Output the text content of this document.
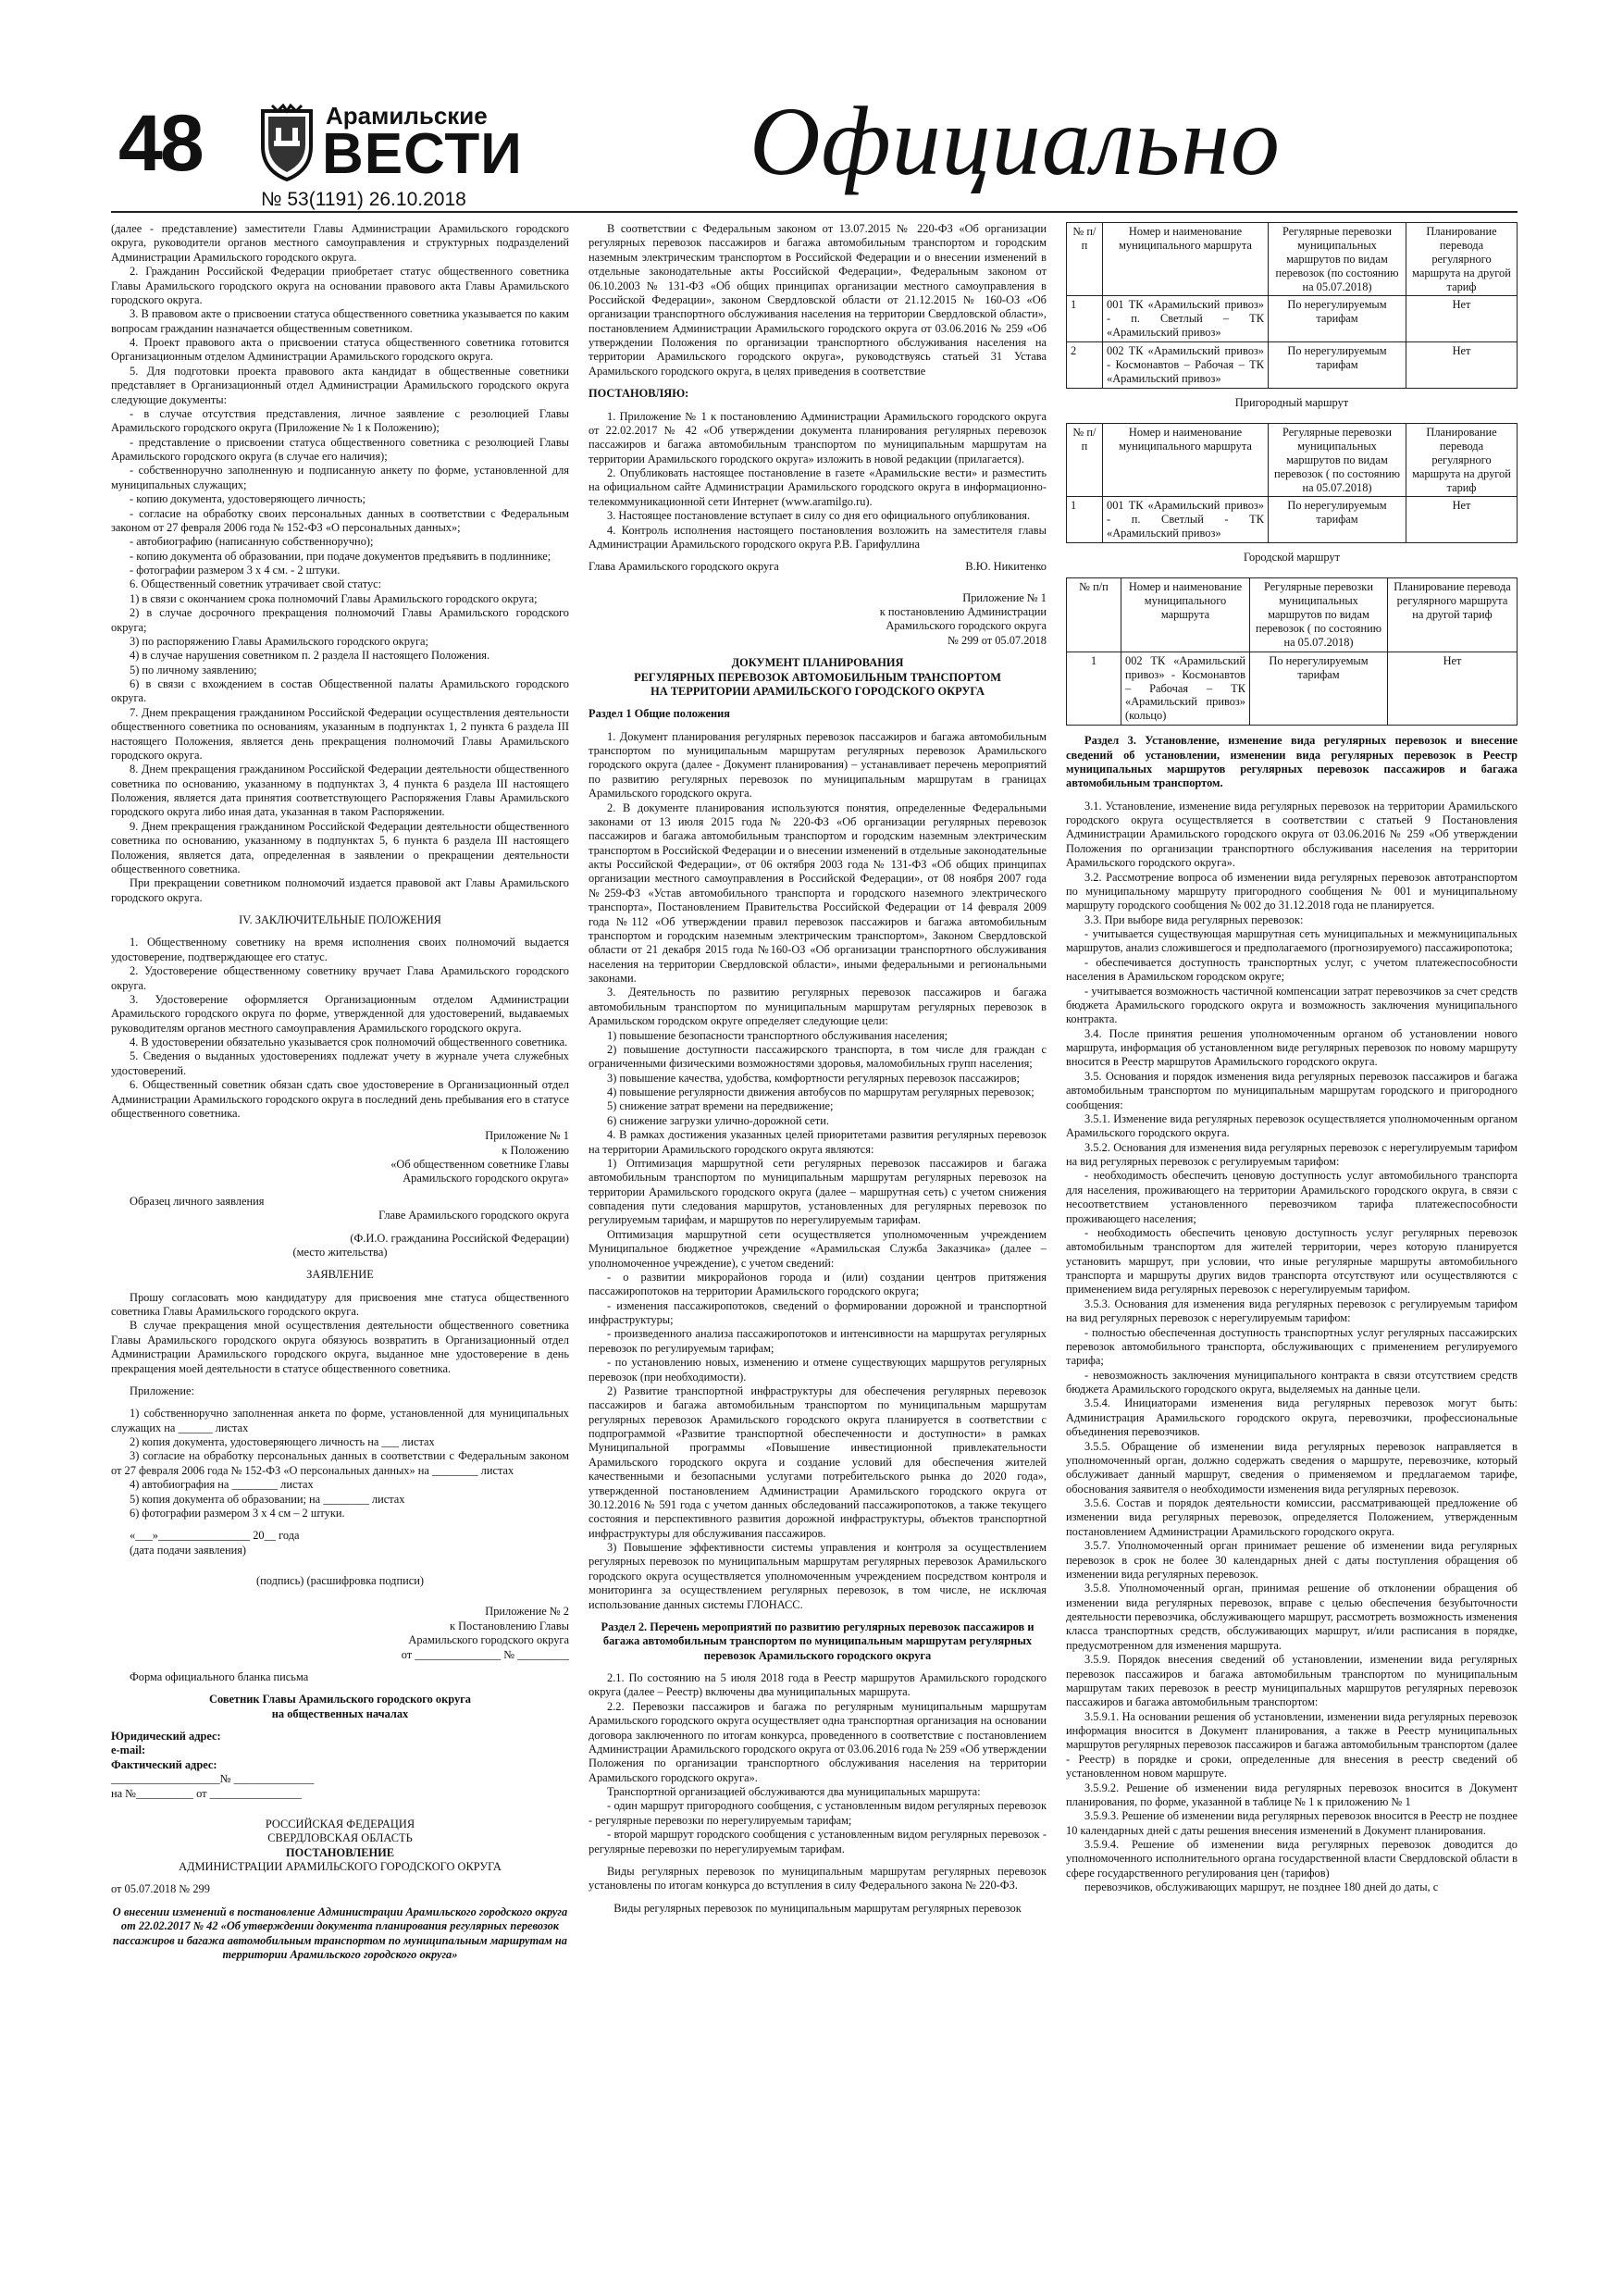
48	Арамильские
ВЕСТИ
№ 53(1191) 26.10.2018
Официально

(далее - представление) заместители Главы Администрации Арамильского городского округа, руководители органов местного самоуправления и структурных подразделений Администрации Арамильского городского округа.

2. Гражданин Российской Федерации приобретает статус общественного советника Главы Арамильского городского округа на основании правового акта Главы Арамильского городского округа.

3. В правовом акте о присвоении статуса общественного советника указывается по каким вопросам гражданин назначается общественным советником.

4. Проект правового акта о присвоении статуса общественного советника готовится Организационным отделом Администрации Арамильского городского округа.

5. Для подготовки проекта правового акта кандидат в общественные советники представляет в Организационный отдел Администрации Арамильского городского округа следующие документы:

- в случае отсутствия представления, личное заявление с резолюцией Главы Арамильского городского округа (Приложение № 1 к Положению);

- представление о присвоении статуса общественного советника с резолюцией Главы Арамильского городского округа (в случае его наличия);

- собственноручно заполненную и подписанную анкету по форме, установленной для муниципальных служащих;

- копию документа, удостоверяющего личность;

- согласие на обработку своих персональных данных в соответствии с Федеральным законом от 27 февраля 2006 года № 152-ФЗ «О персональных данных»;

- автобиографию (написанную собственноручно);

- копию документа об образовании, при подаче документов предъявить в подлиннике;

- фотографии размером 3 х 4 см. - 2 штуки.

6. Общественный советник утрачивает свой статус:

1) в связи с окончанием срока полномочий Главы Арамильского городского округа;

2) в случае досрочного прекращения полномочий Главы Арамильского городского округа;

3) по распоряжению Главы Арамильского городского округа;

4) в случае нарушения советником п. 2 раздела II настоящего Положения.

5) по личному заявлению;

6) в связи с вхождением в состав Общественной палаты Арамильского городского округа.

7. Днем прекращения гражданином Российской Федерации осуществления деятельности общественного советника по основаниям, указанным в подпунктах 1, 2 пункта 6 раздела III настоящего Положения, является день прекращения полномочий Главы Арамильского городского округа.

8. Днем прекращения гражданином Российской Федерации деятельности общественного советника по основанию, указанному в подпунктах 3, 4 пункта 6 раздела III настоящего Положения, является дата принятия соответствующего Распоряжения Главы Арамильского городского округа либо иная дата, указанная в таком Распоряжении.

9. Днем прекращения гражданином Российской Федерации деятельности общественного советника по основанию, указанному в подпунктах 5, 6 пункта 6 раздела III настоящего Положения, является дата, определенная в заявлении о прекращении деятельности общественного советника.

При прекращении советником полномочий издается правовой акт Главы Арамильского городского округа.

IV. ЗАКЛЮЧИТЕЛЬНЫЕ ПОЛОЖЕНИЯ

1. Общественному советнику на время исполнения своих полномочий выдается удостоверение, подтверждающее его статус.

2. Удостоверение общественному советнику вручает Глава Арамильского городского округа.

3. Удостоверение оформляется Организационным отделом Администрации Арамильского городского округа по форме, утвержденной для удостоверений, выдаваемых руководителям органов местного самоуправления Арамильского городского округа.

4. В удостоверении обязательно указывается срок полномочий общественного советника.

5. Сведения о выданных удостоверениях подлежат учету в журнале учета служебных удостоверений.

6. Общественный советник обязан сдать свое удостоверение в Организационный отдел Администрации Арамильского городского округа в последний день пребывания его в статусе общественного советника.

Приложение № 1

к Положению

«Об общественном советнике Главы

Арамильского городского округа»

Образец личного заявления

Главе Арамильского городского округа

(Ф.И.О. гражданина Российской Федерации)

(место жительства)

ЗАЯВЛЕНИЕ

Прошу согласовать мою кандидатуру для присвоения мне статуса общественного советника Главы Арамильского городского округа.

В случае прекращения мной осуществления деятельности общественного советника Главы Арамильского городского округа обязуюсь возвратить в Организационный отдел Администрации Арамильского городского округа, выданное мне удостоверение в день прекращения моей деятельности в статусе общественного советника.

Приложение:

1) собственноручно заполненная анкета по форме, установленной для муниципальных служащих на ______ листах

2) копия документа, удостоверяющего личность на ___ листах

3) согласие на обработку персональных данных в соответствии с Федеральным законом от 27 февраля 2006 года № 152-ФЗ «О персональных данных» на ________ листах

4) автобиография на ________ листах

5) копия документа об образовании; на ________ листах

6) фотографии размером 3 х 4 см – 2 штуки.

«___»________________ 20__ года

(дата подачи заявления)

(подпись) (расшифровка подписи)

Приложение № 2

к Постановлению Главы

Арамильского городского округа

от _______________ № _________

Форма официального бланка письма

Советник Главы Арамильского городского округа

на общественных началах

Юридический адрес:

e-mail:

Фактический адрес:

___________________№ ______________

на №__________ от ________________

РОССИЙСКАЯ ФЕДЕРАЦИЯ

СВЕРДЛОВСКАЯ ОБЛАСТЬ

ПОСТАНОВЛЕНИЕ

АДМИНИСТРАЦИИ АРАМИЛЬСКОГО ГОРОДСКОГО ОКРУГА

от 05.07.2018 № 299

О внесении изменений в постановление Администрации Арамильского городского округа от 22.02.2017 № 42 «Об утверждении документа планирования регулярных перевозок пассажиров и багажа автомобильным транспортом по муниципальным маршрутам на территории Арамильского городского округа»

В соответствии с Федеральным законом от 13.07.2015 № 220-ФЗ «Об организации регулярных перевозок пассажиров и багажа автомобильным транспортом и городским наземным электрическим транспортом в Российской Федерации и о внесении изменений в отдельные законодательные акты Российской Федерации», Федеральным законом от 06.10.2003 № 131-ФЗ «Об общих принципах организации местного самоуправления в Российской Федерации», законом Свердловской области от 21.12.2015 № 160-ОЗ «Об организации транспортного обслуживания населения на территории Свердловской области», постановлением Администрации Арамильского городского округа от 03.06.2016 № 259 «Об утверждении Положения по организации транспортного обслуживания населения на территории Арамильского городского округа», руководствуясь статьей 31 Устава Арамильского городского округа, в целях приведения в соответствие

ПОСТАНОВЛЯЮ:

1. Приложение № 1 к постановлению Администрации Арамильского городского округа от 22.02.2017 № 42 «Об утверждении документа планирования регулярных перевозок пассажиров и багажа автомобильным транспортом по муниципальным маршрутам на территории Арамильского городского округа» изложить в новой редакции (прилагается).

2. Опубликовать настоящее постановление в газете «Арамильские вести» и разместить на официальном сайте Администрации Арамильского городского округа в информационно-телекоммуникационной сети Интернет (www.aramilgo.ru).

3. Настоящее постановление вступает в силу со дня его официального опубликования.

4. Контроль исполнения настоящего постановления возложить на заместителя главы Администрации Арамильского городского округа Р.В. Гарифуллина

Глава Арамильского городского округа	В.Ю. Никитенко

Приложение № 1

к постановлению Администрации

Арамильского городского округа

№ 299 от 05.07.2018

ДОКУМЕНТ ПЛАНИРОВАНИЯ

РЕГУЛЯРНЫХ ПЕРЕВОЗОК АВТОМОБИЛЬНЫМ ТРАНСПОРТОМ

НА ТЕРРИТОРИИ АРАМИЛЬСКОГО ГОРОДСКОГО ОКРУГА

Раздел 1 Общие положения

1. Документ планирования регулярных перевозок пассажиров и багажа автомобильным транспортом по муниципальным маршрутам регулярных перевозок Арамильского городского округа (далее - Документ планирования) – устанавливает перечень мероприятий по развитию регулярных перевозок по муниципальным маршрутам в границах Арамильского городского округа.

2. В документе планирования используются понятия, определенные Федеральными законами от 13 июля 2015 года № 220-ФЗ «Об организации регулярных перевозок пассажиров и багажа автомобильным транспортом и городским наземным электрическим транспортом в Российской Федерации и о внесении изменений в отдельные законодательные акты Российской Федерации», от 06 октября 2003 года № 131-ФЗ «Об общих принципах организации местного самоуправления в Российской Федерации», от 08 ноября 2007 года №259-ФЗ «Устав автомобильного транспорта и городского наземного электрического транспорта», Постановлением Правительства Российской Федерации от 14 февраля 2009 года №112 «Об утверждении правил перевозок пассажиров и багажа автомобильным транспортом и городским наземным электрическим транспортом», Законом Свердловской области от 21 декабря 2015 года №160-ОЗ «Об организации транспортного обслуживания населения на территории Свердловской области», иными федеральными и региональными законами.

3. Деятельность по развитию регулярных перевозок пассажиров и багажа автомобильным транспортом по муниципальным маршрутам регулярных перевозок в Арамильском городском округе определяет следующие цели:

1) повышение безопасности транспортного обслуживания населения;

2) повышение доступности пассажирского транспорта, в том числе для граждан с ограниченными физическими возможностями здоровья, маломобильных групп населения;

3) повышение качества, удобства, комфортности регулярных перевозок пассажиров;

4) повышение регулярности движения автобусов по маршрутам регулярных перевозок;

5) снижение затрат времени на передвижение;

6) снижение загрузки улично-дорожной сети.

4. В рамках достижения указанных целей приоритетами развития регулярных перевозок на территории Арамильского городского округа являются:

1) Оптимизация маршрутной сети регулярных перевозок пассажиров и багажа автомобильным транспортом по муниципальным маршрутам регулярных перевозок на территории Арамильского городского округа (далее – маршрутная сеть) с учетом снижения совпадения пути следования маршрутов, установленных для регулярных перевозок по регулируемым тарифам, и маршрутов по нерегулируемым тарифам.

Оптимизация маршрутной сети осуществляется уполномоченным учреждением Муниципальное бюджетное учреждение «Арамильская Служба Заказчика» (далее – уполномоченное учреждение), с учетом сведений:

- о развитии микрорайонов города и (или) создании центров притяжения пассажиропотоков на территории Арамильского городского округа;

- изменения пассажиропотоков, сведений о формировании дорожной и транспортной инфраструктуры;

- произведенного анализа пассажиропотоков и интенсивности на маршрутах регулярных перевозок по регулируемым тарифам;

- по установлению новых, изменению и отмене существующих маршрутов регулярных перевозок (при необходимости).

2) Развитие транспортной инфраструктуры для обеспечения регулярных перевозок пассажиров и багажа автомобильным транспортом по муниципальным маршрутам регулярных перевозок Арамильского городского округа планируется в соответствии с подпрограммой «Развитие транспортной обеспеченности и доступности» в рамках Муниципальной программы «Повышение инвестиционной привлекательности Арамильского городского округа и создание условий для обеспечения жителей качественными и безопасными услугами потребительского рынка до 2020 года», утвержденной постановлением Администрации Арамильского городского округа от 30.12.2016 № 591 года с учетом данных обследований пассажиропотоков, а также текущего состояния и перспективного развития дорожной инфраструктуры, объектов транспортной инфраструктуры для обслуживания пассажиров.

3) Повышение эффективности системы управления и контроля за осуществлением регулярных перевозок по муниципальным маршрутам регулярных перевозок Арамильского городского округа осуществляется уполномоченным учреждением посредством контроля и мониторинга за осуществлением регулярных перевозок, в том числе, не исключая использование данных системы ГЛОНАСС.

Раздел 2. Перечень мероприятий по развитию регулярных перевозок пассажиров и багажа автомобильным транспортом по муниципальным маршрутам регулярных перевозок Арамильского городского округа

2.1. По состоянию на 5 июля 2018 года в Реестр маршрутов Арамильского городского округа (далее – Реестр) включены два муниципальных маршрута.

2.2. Перевозки пассажиров и багажа по регулярным муниципальным маршрутам Арамильского городского округа осуществляет одна транспортная организация на основании договора заключенного по итогам конкурса, проведенного в соответствие с постановлением Администрации Арамильского городского округа от 03.06.2016 года № 259 «Об утверждении Положения по организации транспортного обслуживания населения на территории Арамильского городского округа».

Транспортной организацией обслуживаются два муниципальных маршрута:

- один маршрут пригородного сообщения, с установленным видом регулярных перевозок - регулярные перевозки по нерегулируемым тарифам;

- второй маршрут городского сообщения с установленным видом регулярных перевозок - регулярные перевозки по нерегулируемым тарифам.

Виды регулярных перевозок по муниципальным маршрутам регулярных перевозок установлены по итогам конкурса до вступления в силу Федерального закона № 220-ФЗ.

Виды регулярных перевозок по муниципальным маршрутам регулярных перевозок

№ п/п	Номер и наименование муниципального маршрута	Регулярные перевозки муниципальных маршрутов по видам перевозок (по состоянию на 05.07.2018)	Планирование перевода регулярного маршрута на другой тариф
1	001 ТК «Арамильский привоз» - п. Светлый – ТК «Арамильский привоз»	По нерегулируемым тарифам	Нет
2	002 ТК «Арамильский привоз» - Космонавтов – Рабочая – ТК «Арамильский привоз»	По нерегулируемым тарифам	Нет
Пригородный маршрут
№ п/п	Номер и наименование муниципального маршрута	Регулярные перевозки муниципальных маршрутов по видам перевозок ( по состоянию на 05.07.2018)	Планирование перевода регулярного маршрута на другой тариф
1	001 ТК «Арамильский привоз» - п. Светлый - ТК «Арамильский привоз»	По нерегулируемым тарифам	Нет
Городской маршрут
№ п/п	Номер и наименование муниципального маршрута	Регулярные перевозки муниципальных маршрутов по видам перевозок ( по состоянию на 05.07.2018)	Планирование перевода регулярного маршрута на другой тариф
1	002 ТК «Арамильский привоз» - Космонавтов – Рабочая – ТК «Арамильский привоз» (кольцо)	По нерегулируемым тарифам	Нет

Раздел 3. Установление, изменение вида регулярных перевозок и внесение сведений об установлении, изменении вида регулярных перевозок в Реестр муниципальных маршрутов регулярных перевозок пассажиров и багажа автомобильным транспортом.

3.1. Установление, изменение вида регулярных перевозок на территории Арамильского городского округа осуществляется в соответствии с статьей 9 Постановления Администрации Арамильского городского округа от 03.06.2016 № 259 «Об утверждении Положения по организации транспортного обслуживания населения на территории Арамильского городского округа».

3.2. Рассмотрение вопроса об изменении вида регулярных перевозок автотранспортом по муниципальному маршруту пригородного сообщения № 001 и муниципальному маршруту городского сообщения № 002 до 31.12.2018 года не планируется.

3.3. При выборе вида регулярных перевозок:

- учитывается существующая маршрутная сеть муниципальных и межмуниципальных маршрутов, анализ сложившегося и предполагаемого (прогнозируемого) пассажиропотока;

- обеспечивается доступность транспортных услуг, с учетом платежеспособности населения в Арамильском городском округе;

- учитывается возможность частичной компенсации затрат перевозчиков за счет средств бюджета Арамильского городского округа и возможность заключения муниципального контракта.

3.4. После принятия решения уполномоченным органом об установлении нового маршрута, информация об установленном виде регулярных перевозок по новому маршруту вносится в Реестр маршрутов Арамильского городского округа.

3.5. Основания и порядок изменения вида регулярных перевозок пассажиров и багажа автомобильным транспортом по муниципальным маршрутам городского и пригородного сообщения:

3.5.1. Изменение вида регулярных перевозок осуществляется уполномоченным органом Арамильского городского округа.

3.5.2. Основания для изменения вида регулярных перевозок с нерегулируемым тарифом на вид регулярных перевозок с регулируемым тарифом:

- необходимость обеспечить ценовую доступность услуг автомобильного транспорта для населения, проживающего на территории Арамильского городского округа, в связи с несоответствием установленного перевозчиком тарифа платежеспособности проживающего населения;

- необходимость обеспечить ценовую доступность услуг регулярных перевозок автомобильным транспортом для жителей территории, через которую планируется установить маршрут, при условии, что иные регулярные маршруты автомобильного транспорта и маршруты других видов транспорта отсутствуют или осуществляются с применением вида регулярных перевозок с нерегулируемым тарифом.

3.5.3. Основания для изменения вида регулярных перевозок с регулируемым тарифом на вид регулярных перевозок с нерегулируемым тарифом:

- полностью обеспеченная доступность транспортных услуг регулярных пассажирских перевозок автомобильного транспорта, обслуживающих с применением регулируемого тарифа;

- невозможность заключения муниципального контракта в связи отсутствием средств бюджета Арамильского городского округа, выделяемых на данные цели.

3.5.4. Инициаторами изменения вида регулярных перевозок могут быть: Администрация Арамильского городского округа, перевозчики, профессиональные объединения перевозчиков.

3.5.5. Обращение об изменении вида регулярных перевозок направляется в уполномоченный орган, должно содержать сведения о маршруте, перевозчике, который обслуживает данный маршрут, сведения о применяемом и предлагаемом тарифе, обоснования заявителя о необходимости изменения вида регулярных перевозок.

3.5.6. Состав и порядок деятельности комиссии, рассматривающей предложение об изменении вида регулярных перевозок, определяется Положением, утвержденным постановлением Администрации Арамильского городского округа.

3.5.7. Уполномоченный орган принимает решение об изменении вида регулярных перевозок в срок не более 30 календарных дней с даты поступления обращения об изменении вида регулярных перевозок.

3.5.8. Уполномоченный орган, принимая решение об отклонении обращения об изменении вида регулярных перевозок, вправе с целью обеспечения безубыточности деятельности перевозчика, обслуживающего маршрут, рассмотреть возможность изменения класса транспортных средств, обслуживающих маршрут, и/или расписания в порядке, предусмотренном для изменения маршрута.

3.5.9. Порядок внесения сведений об установлении, изменении вида регулярных перевозок пассажиров и багажа автомобильным транспортом по муниципальным маршрутам таких перевозок в реестр муниципальных маршрутов регулярных перевозок пассажиров и багажа автомобильным транспортом:

3.5.9.1. На основании решения об установлении, изменении вида регулярных перевозок информация вносится в Документ планирования, а также в Реестр муниципальных маршрутов регулярных перевозок пассажиров и багажа автомобильным транспортом (далее - Реестр) в порядке и сроки, определенные для внесения в реестр сведений об установленном новом маршруте.

3.5.9.2. Решение об изменении вида регулярных перевозок вносится в Документ планирования, по форме, указанной в таблице № 1 к приложению № 1

3.5.9.3. Решение об изменении вида регулярных перевозок вносится в Реестр не позднее 10 календарных дней с даты решения внесения изменений в Документ планирования.

3.5.9.4. Решение об изменении вида регулярных перевозок доводится до уполномоченного исполнительного органа государственной власти Свердловской области в сфере государственного регулирования цен (тарифов)

перевозчиков, обслуживающих маршрут, не позднее 180 дней до даты, с
